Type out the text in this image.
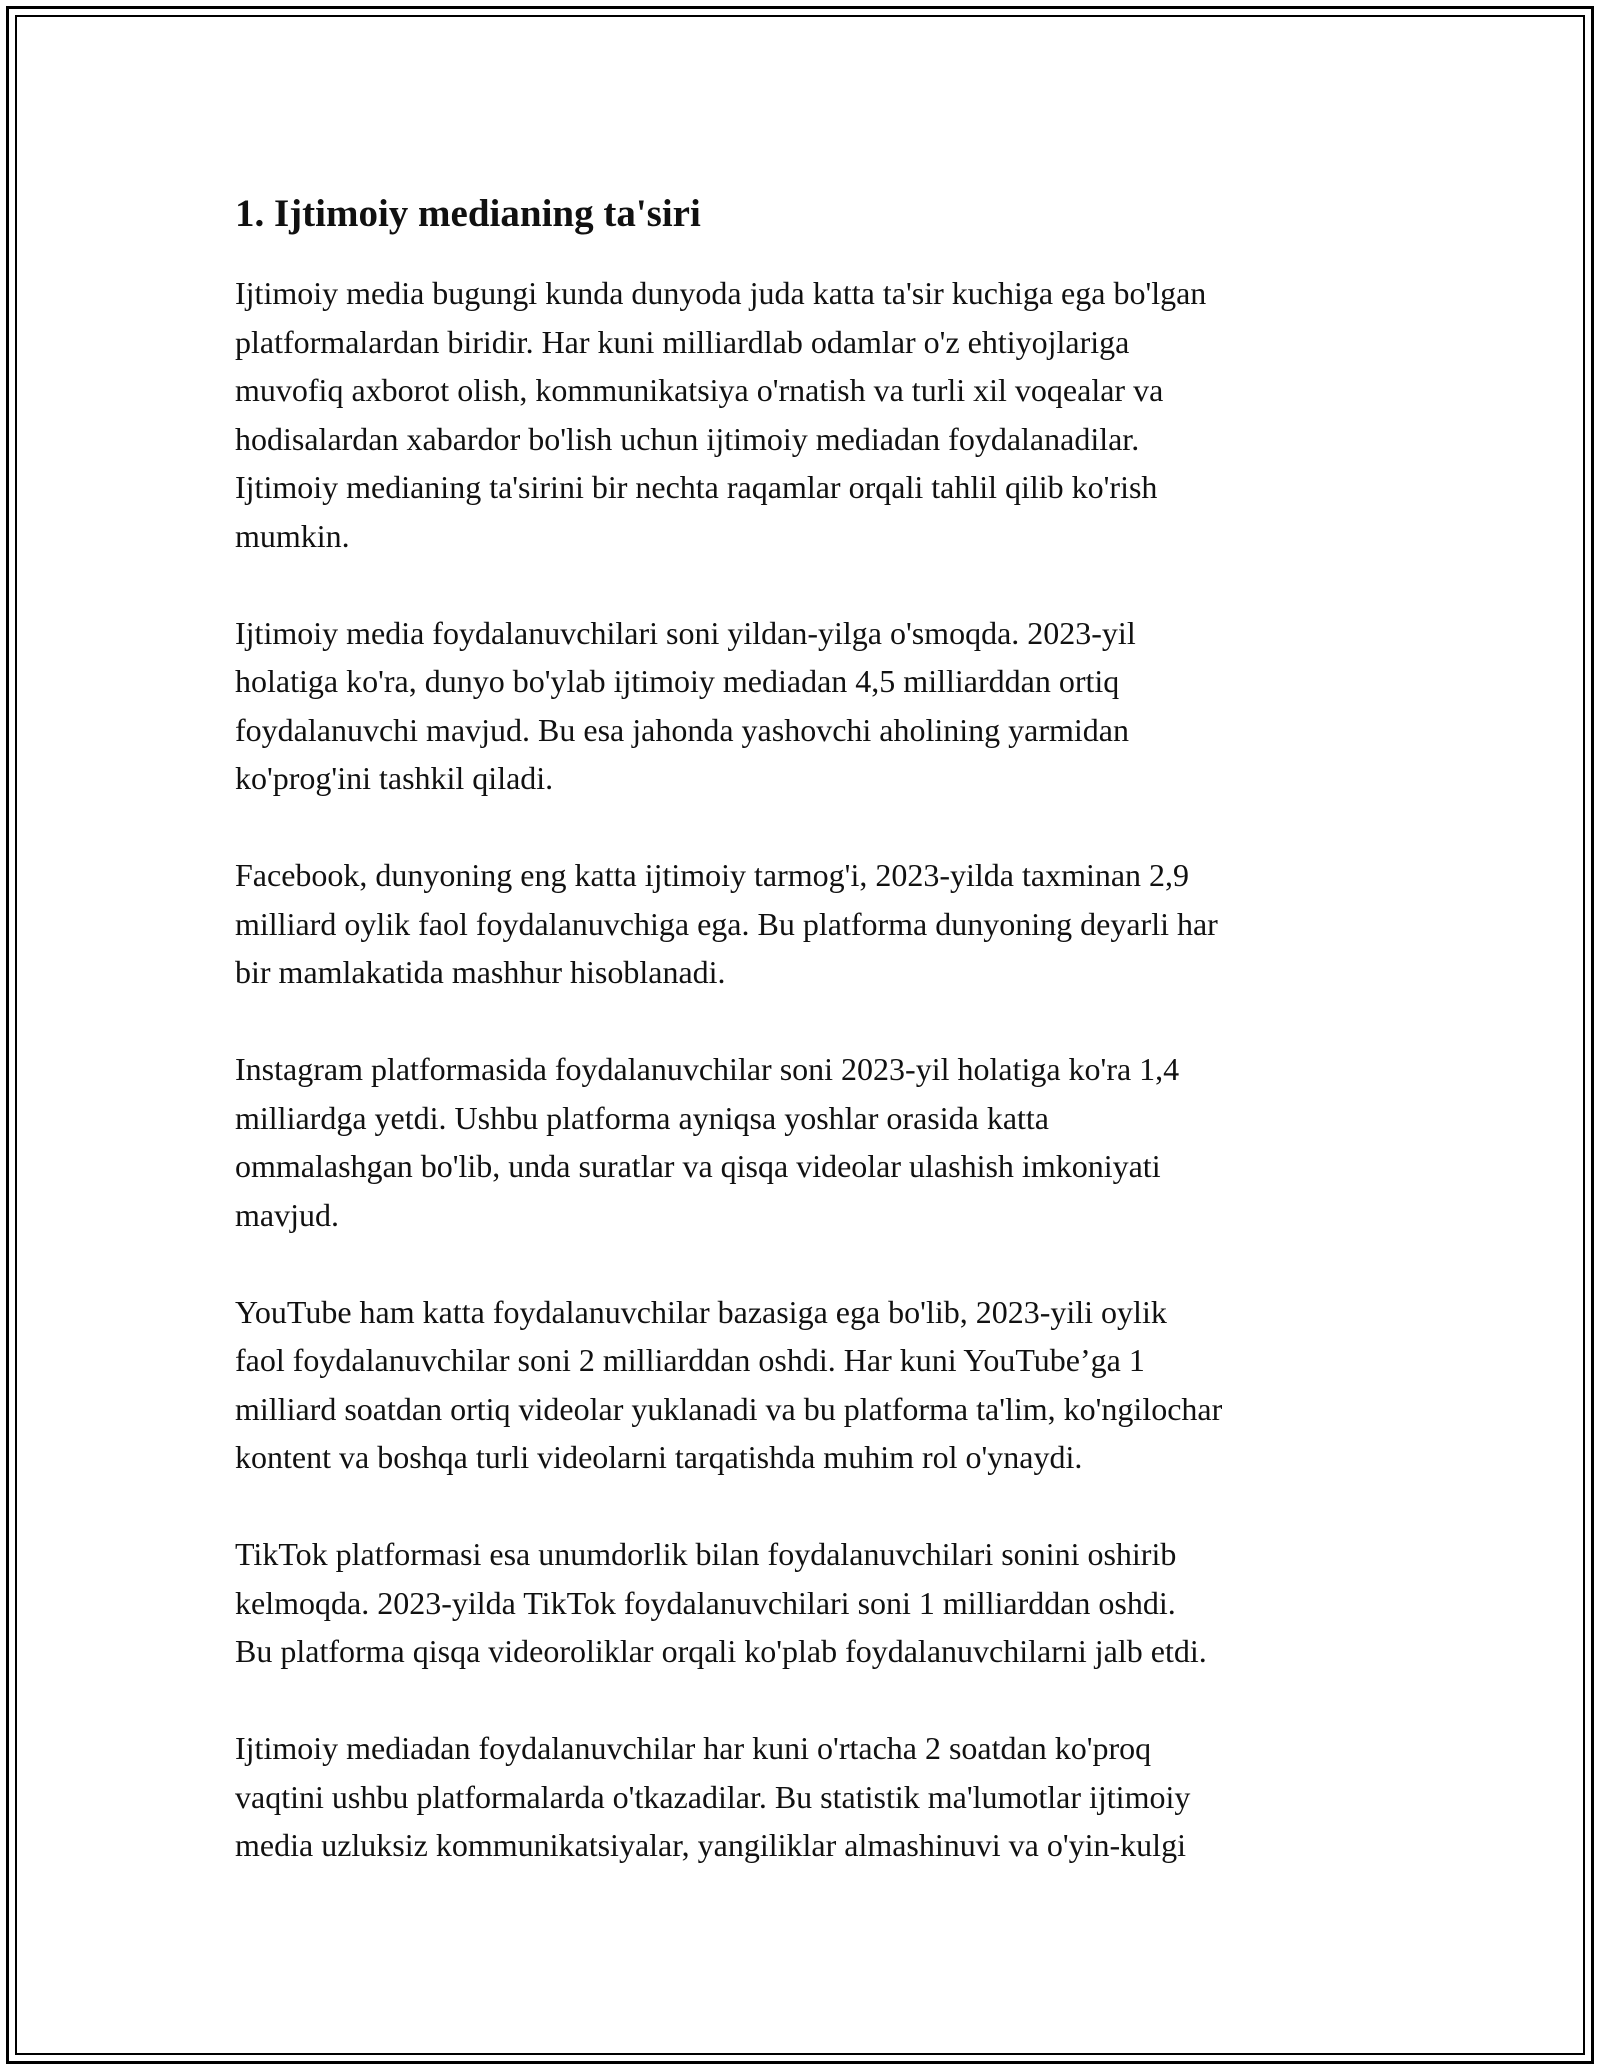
1. Ijtimoiy medianing ta'siri

Ijtimoiy media bugungi kunda dunyoda juda katta ta'sir kuchiga ega bo'lgan
platformalardan biridir. Har kuni milliardlab odamlar o'z ehtiyojlariga
muvofiq axborot olish, kommunikatsiya o'rnatish va turli xil voqealar va
hodisalardan xabardor bo'lish uchun ijtimoiy mediadan foydalanadilar.
Ijtimoiy medianing ta'sirini bir nechta raqamlar orqali tahlil qilib ko'rish
mumkin.

Ijtimoiy media foydalanuvchilari soni yildan-yilga o'smoqda. 2023-yil
holatiga ko'ra, dunyo bo'ylab ijtimoiy mediadan 4,5 milliarddan ortiq
foydalanuvchi mavjud. Bu esa jahonda yashovchi aholining yarmidan
ko'prog'ini tashkil qiladi.

Facebook, dunyoning eng katta ijtimoiy tarmog'i, 2023-yilda taxminan 2,9
milliard oylik faol foydalanuvchiga ega. Bu platforma dunyoning deyarli har
bir mamlakatida mashhur hisoblanadi.

Instagram platformasida foydalanuvchilar soni 2023-yil holatiga ko'ra 1,4
milliardga yetdi. Ushbu platforma ayniqsa yoshlar orasida katta
ommalashgan bo'lib, unda suratlar va qisqa videolar ulashish imkoniyati
mavjud.

YouTube ham katta foydalanuvchilar bazasiga ega bo'lib, 2023-yili oylik
faol foydalanuvchilar soni 2 milliarddan oshdi. Har kuni YouTube’ga 1
milliard soatdan ortiq videolar yuklanadi va bu platforma ta'lim, ko'ngilochar
kontent va boshqa turli videolarni tarqatishda muhim rol o'ynaydi.

TikTok platformasi esa unumdorlik bilan foydalanuvchilari sonini oshirib
kelmoqda. 2023-yilda TikTok foydalanuvchilari soni 1 milliarddan oshdi.
Bu platforma qisqa videoroliklar orqali ko'plab foydalanuvchilarni jalb etdi.

Ijtimoiy mediadan foydalanuvchilar har kuni o'rtacha 2 soatdan ko'proq
vaqtini ushbu platformalarda o'tkazadilar. Bu statistik ma'lumotlar ijtimoiy
media uzluksiz kommunikatsiyalar, yangiliklar almashinuvi va o'yin-kulgi
